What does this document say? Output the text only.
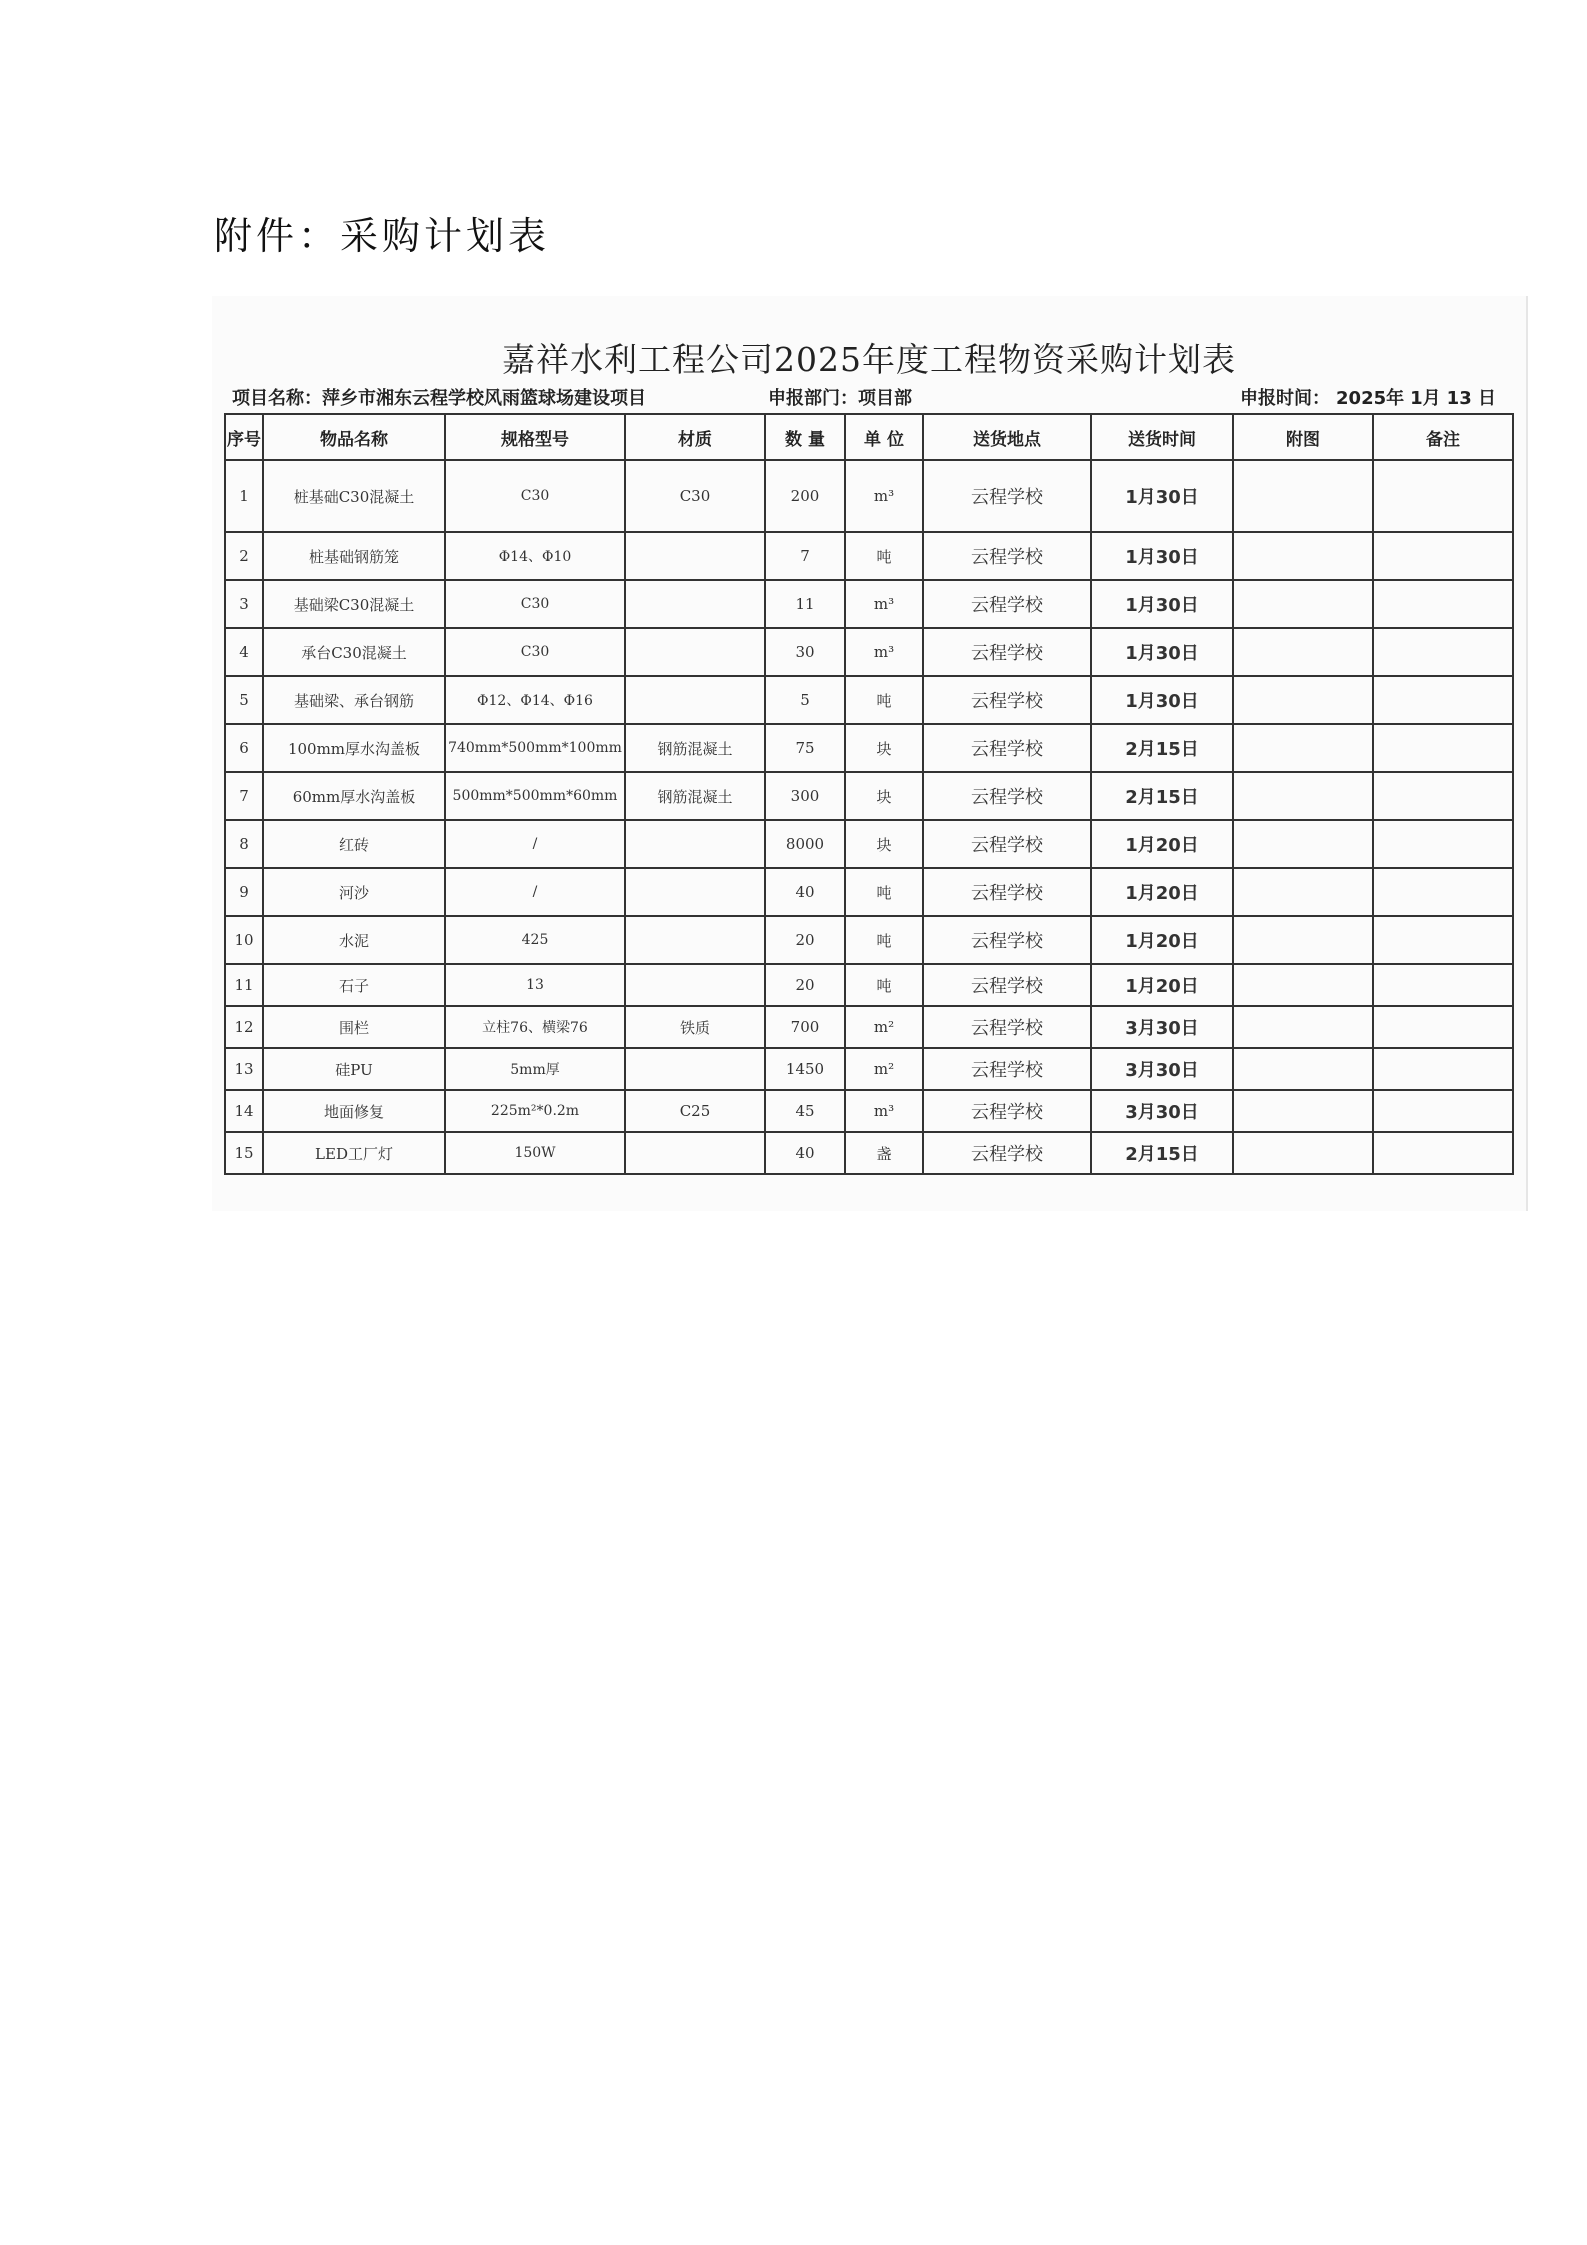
附件：采购计划表
嘉祥水利工程公司2025年度工程物资采购计划表
项目名称：萍乡市湘东云程学校风雨篮球场建设项目	申报部门：项目部	申报时间： 2025年 1月 13 日
序号	物品名称	规格型号	材质	数 量	单 位	送货地点	送货时间	附图	备注
1	桩基础C30混凝土	C30	C30	200	m³	云程学校	1月30日		
2	桩基础钢筋笼	Φ14、Φ10		7	吨	云程学校	1月30日		
3	基础梁C30混凝土	C30		11	m³	云程学校	1月30日		
4	承台C30混凝土	C30		30	m³	云程学校	1月30日		
5	基础梁、承台钢筋	Φ12、Φ14、Φ16		5	吨	云程学校	1月30日		
6	100mm厚水沟盖板	740mm*500mm*100mm	钢筋混凝土	75	块	云程学校	2月15日		
7	60mm厚水沟盖板	500mm*500mm*60mm	钢筋混凝土	300	块	云程学校	2月15日		
8	红砖	/		8000	块	云程学校	1月20日		
9	河沙	/		40	吨	云程学校	1月20日		
10	水泥	425		20	吨	云程学校	1月20日		
11	石子	13		20	吨	云程学校	1月20日		
12	围栏	立柱76、横梁76	铁质	700	m²	云程学校	3月30日		
13	硅PU	5mm厚		1450	m²	云程学校	3月30日		
14	地面修复	225m²*0.2m	C25	45	m³	云程学校	3月30日		
15	LED工厂灯	150W		40	盏	云程学校	2月15日		
